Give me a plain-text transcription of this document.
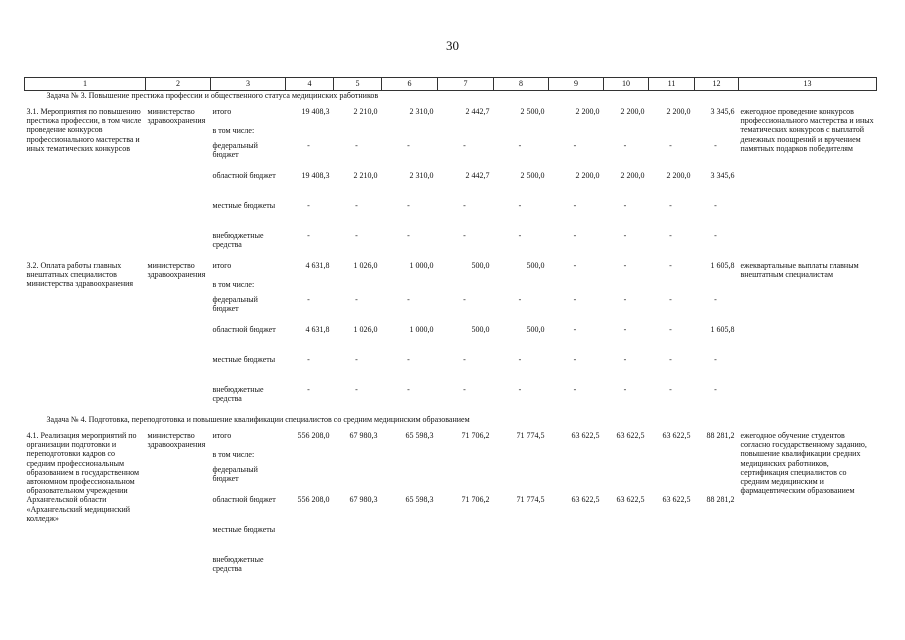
30
1	2	3	4	5	6	7	8	9	10	11	12	13
Задача № 3. Повышение престижа профессии и общественного статуса медицинских работников												
3.1. Мероприятия по повышению престижа профессии, в том числе проведение конкурсов профессионального мастерства и иных тематических конкурсов	министерство здравоохранения	итого	19 408,3	2 210,0	2 310,0	2 442,7	2 500,0	2 200,0	2 200,0	2 200,0	3 345,6	ежегодное проведение конкурсов профессионального мастерства и иных тематических конкурсов с выплатой денежных поощрений и вручением памятных подарков победителям
		в том числе:										
		федеральный бюджет	-	-	-	-	-	-	-	-	-	
		областной бюджет	19 408,3	2 210,0	2 310,0	2 442,7	2 500,0	2 200,0	2 200,0	2 200,0	3 345,6	
		местные бюджеты	-	-	-	-	-	-	-	-	-	
		внебюджетные средства	-	-	-	-	-	-	-	-	-	
3.2. Оплата работы главных внештатных специалистов министерства здравоохранения	министерство здравоохранения	итого	4 631,8	1 026,0	1 000,0	500,0	500,0	-	-	-	1 605,8	ежеквартальные выплаты главным внештатным специалистам
		в том числе:										
		федеральный бюджет	-	-	-	-	-	-	-	-	-	
		областной бюджет	4 631,8	1 026,0	1 000,0	500,0	500,0	-	-	-	1 605,8	
		местные бюджеты	-	-	-	-	-	-	-	-	-	
		внебюджетные средства	-	-	-	-	-	-	-	-	-	
Задача № 4. Подготовка, переподготовка и повышение квалификации специалистов со средним медицинским образованием												
4.1. Реализация мероприятий по организации подготовки и переподготовки кадров со средним профессиональным образованием в государственном автономном профессиональном образовательном учреждении Архангельской области «Архангельский медицинский колледж»	министерство здравоохранения	итого	556 208,0	67 980,3	65 598,3	71 706,2	71 774,5	63 622,5	63 622,5	63 622,5	88 281,2	ежегодное обучение студентов согласно государственному заданию, повышение квалификации средних медицинских работников, сертификация специалистов со средним медицинским и фармацевтическим образованием
		в том числе:										
		федеральный бюджет										
		областной бюджет	556 208,0	67 980,3	65 598,3	71 706,2	71 774,5	63 622,5	63 622,5	63 622,5	88 281,2	
		местные бюджеты										
		внебюджетные средства										
